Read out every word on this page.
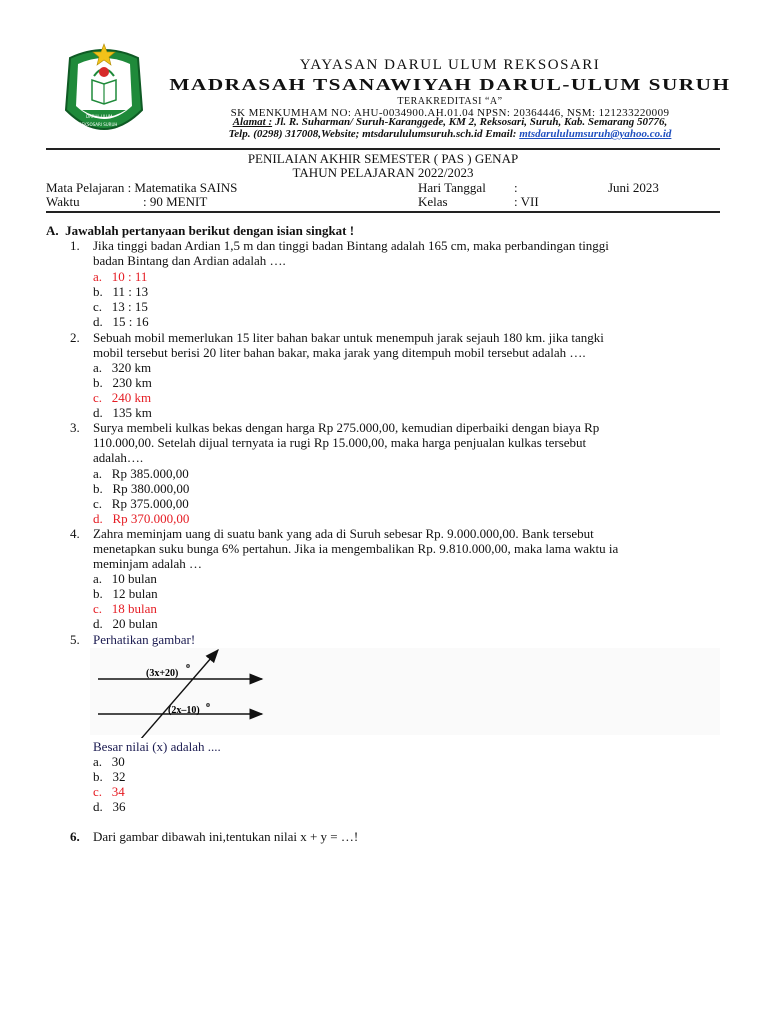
DARUL ULUM
REKSOSARI SURUH
YAYASAN DARUL ULUM REKSOSARI
MADRASAH TSANAWIYAH DARUL-ULUM SURUH
TERAKREDITASI “A”
SK MENKUMHAM NO: AHU-0034900.AH.01.04 NPSN: 20364446, NSM: 121233220009
Alamat : Jl. R. Suharman/ Suruh-Karanggede, KM 2, Reksosari, Suruh, Kab. Semarang 50776,
Telp. (0298) 317008,Website; mtsdarululumsuruh.sch.id Email: mtsdarululumsuruh@yahoo.co.id
PENILAIAN AKHIR SEMESTER ( PAS ) GENAP
TAHUN PELAJARAN 2022/2023
Mata Pelajaran : Matematika SAINS	Hari Tanggal :	Juni 2023
Waktu	: 90 MENIT	Kelas	: VII
A. Jawablah pertanyaan berikut dengan isian singkat !
1. Jika tinggi badan Ardian 1,5 m dan tinggi badan Bintang adalah 165 cm, maka perbandingan tinggi
badan Bintang dan Ardian adalah ….
a. 10 : 11
b. 11 : 13
c. 13 : 15
d. 15 : 16
2. Sebuah mobil memerlukan 15 liter bahan bakar untuk menempuh jarak sejauh 180 km. jika tangki
mobil tersebut berisi 20 liter bahan bakar, maka jarak yang ditempuh mobil tersebut adalah ….
a. 320 km
b. 230 km
c. 240 km
d. 135 km
3. Surya membeli kulkas bekas dengan harga Rp 275.000,00, kemudian diperbaiki dengan biaya Rp
110.000,00. Setelah dijual ternyata ia rugi Rp 15.000,00, maka harga penjualan kulkas tersebut
adalah….
a. Rp 385.000,00
b. Rp 380.000,00
c. Rp 375.000,00
d. Rp 370.000,00
4. Zahra meminjam uang di suatu bank yang ada di Suruh sebesar Rp. 9.000.000,00. Bank tersebut
menetapkan suku bunga 6% pertahun. Jika ia mengembalikan Rp. 9.810.000,00, maka lama waktu ia
meminjam adalah …
a. 10 bulan
b. 12 bulan
c. 18 bulan
d. 20 bulan
5. Perhatikan gambar!
(3x+20)
o
(2x–10)
o
Besar nilai (x) adalah ....
a. 30
b. 32
c. 34
d. 36
6. Dari gambar dibawah ini,tentukan nilai x + y = …!
